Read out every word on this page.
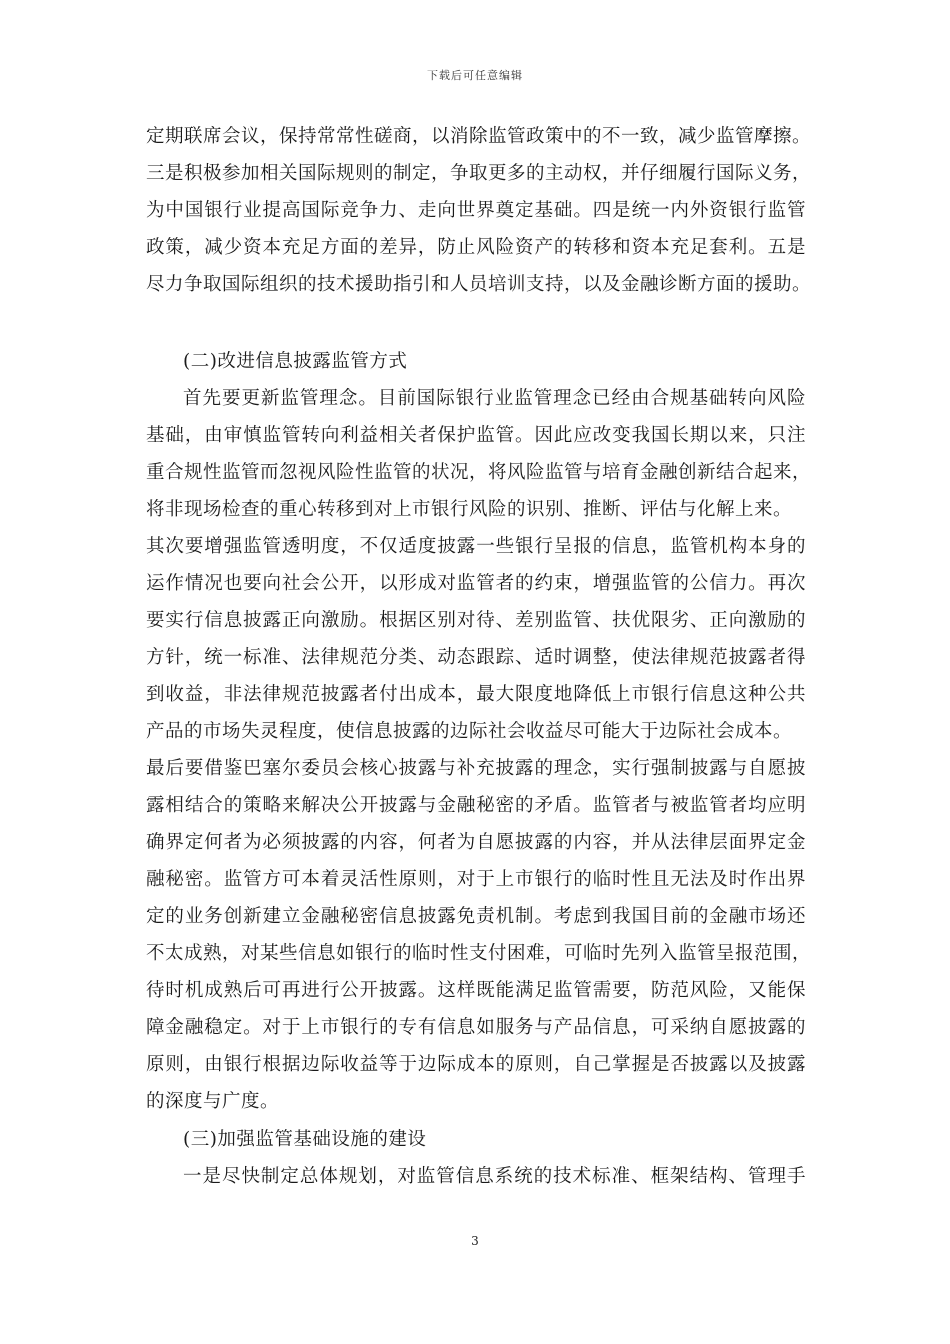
下载后可任意编辑
定期联席会议，保持常常性磋商，以消除监管政策中的不一致，减少监管摩擦。
三是积极参加相关国际规则的制定，争取更多的主动权，并仔细履行国际义务，
为中国银行业提高国际竞争力、走向世界奠定基础。四是统一内外资银行监管
政策，减少资本充足方面的差异，防止风险资产的转移和资本充足套利。五是
尽力争取国际组织的技术援助指引和人员培训支持，以及金融诊断方面的援助。
(二)改进信息披露监管方式
首先要更新监管理念。目前国际银行业监管理念已经由合规基础转向风险
基础，由审慎监管转向利益相关者保护监管。因此应改变我国长期以来，只注
重合规性监管而忽视风险性监管的状况，将风险监管与培育金融创新结合起来，
将非现场检查的重心转移到对上市银行风险的识别、推断、评估与化解上来。
其次要增强监管透明度，不仅适度披露一些银行呈报的信息，监管机构本身的
运作情况也要向社会公开，以形成对监管者的约束，增强监管的公信力。再次
要实行信息披露正向激励。根据区别对待、差别监管、扶优限劣、正向激励的
方针，统一标准、法律规范分类、动态跟踪、适时调整，使法律规范披露者得
到收益，非法律规范披露者付出成本，最大限度地降低上市银行信息这种公共
产品的市场失灵程度，使信息披露的边际社会收益尽可能大于边际社会成本。
最后要借鉴巴塞尔委员会核心披露与补充披露的理念，实行强制披露与自愿披
露相结合的策略来解决公开披露与金融秘密的矛盾。监管者与被监管者均应明
确界定何者为必须披露的内容，何者为自愿披露的内容，并从法律层面界定金
融秘密。监管方可本着灵活性原则，对于上市银行的临时性且无法及时作出界
定的业务创新建立金融秘密信息披露免责机制。考虑到我国目前的金融市场还
不太成熟，对某些信息如银行的临时性支付困难，可临时先列入监管呈报范围，
待时机成熟后可再进行公开披露。这样既能满足监管需要，防范风险，又能保
障金融稳定。对于上市银行的专有信息如服务与产品信息，可采纳自愿披露的
原则，由银行根据边际收益等于边际成本的原则，自己掌握是否披露以及披露
的深度与广度。
(三)加强监管基础设施的建设
一是尽快制定总体规划，对监管信息系统的技术标准、框架结构、管理手
3
